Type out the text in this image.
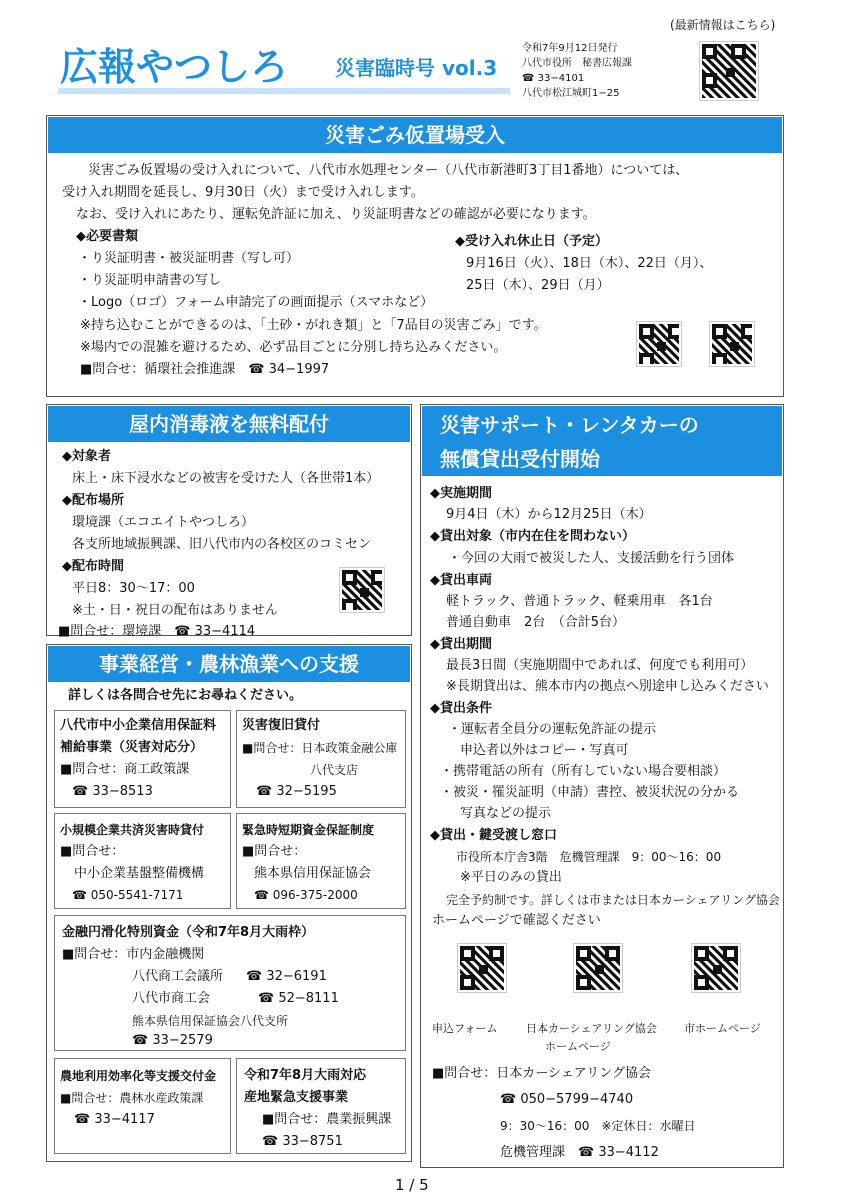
(最新情報はこちら)
広報やつしろ 災害臨時号 vol.3
令和7年9月12日発行
八代市役所　秘書広報課
☎ 33−4101
八代市松江城町1−25
災害ごみ仮置場受入
災害ごみ仮置場の受け入れについて、八代市水処理センター（八代市新港町3丁目1番地）については、
受け入れ期間を延長し、9月30日（火）まで受け入れします。
なお、受け入れにあたり、運転免許証に加え、り災証明書などの確認が必要になります。
◆必要書類
・り災証明書・被災証明書（写し可）
・り災証明申請書の写し
・Logo（ロゴ）フォーム申請完了の画面提示（スマホなど）
◆受け入れ休止日（予定）
9月16日（火）、18日（木）、22日（月）、
25日（木）、29日（月）
※持ち込むことができるのは、「土砂・がれき類」と「7品目の災害ごみ」です。
※場内での混雑を避けるため、必ず品目ごとに分別し持ち込みください。
■問合せ：循環社会推進課　☎ 34−1997
屋内消毒液を無料配付
◆対象者
床上・床下浸水などの被害を受けた人（各世帯1本）
◆配布場所
環境課（エコエイトやつしろ）
各支所地域振興課、旧八代市内の各校区のコミセン
◆配布時間
平日8：30〜17：00
※土・日・祝日の配布はありません
■問合せ：環境課　☎ 33−4114
事業経営・農林漁業への支援
詳しくは各問合せ先にお尋ねください。
八代市中小企業信用保証料
補給事業（災害対応分）
■問合せ：商工政策課
☎ 33−8513
災害復旧貸付
■問合せ：日本政策金融公庫
八代支店
☎ 32−5195
小規模企業共済災害時貸付
■問合せ：
中小企業基盤整備機構
☎ 050-5541-7171
緊急時短期資金保証制度
■問合せ：
熊本県信用保証協会
☎ 096-375-2000
金融円滑化特別資金（令和7年8月大雨枠）
■問合せ：市内金融機関
八代商工会議所 ☎ 32−6191
八代市商工会	☎ 52−8111
熊本県信用保証協会八代支所
☎ 33−2579
農地利用効率化等支援交付金
■問合せ：農林水産政策課
☎ 33−4117
令和7年8月大雨対応
産地緊急支援事業
■問合せ：農業振興課
☎ 33−8751
災害サポート・レンタカーの
無償貸出受付開始
◆実施期間
9月4日（木）から12月25日（木）
◆貸出対象（市内在住を問わない）
・今回の大雨で被災した人、支援活動を行う団体
◆貸出車両
軽トラック、普通トラック、軽乗用車　各1台
普通自動車　2台　（合計5台）
◆貸出期間
最長3日間（実施期間中であれば、何度でも利用可）
※長期貸出は、熊本市内の拠点へ別途申し込みください
◆貸出条件
・運転者全員分の運転免許証の提示
申込者以外はコピー・写真可
・携帯電話の所有（所有していない場合要相談）
・被災・罹災証明（申請）書控、被災状況の分かる
写真などの提示
◆貸出・鍵受渡し窓口
市役所本庁舎3階　危機管理課　9：00〜16：00
※平日のみの貸出
完全予約制です。詳しくは市または日本カーシェアリング協会
ホームページで確認ください
申込フォーム	日本カーシェアリング協会
ホームページ
市ホームページ
■問合せ：日本カーシェアリング協会
☎ 050−5799−4740
9：30〜16：00　※定休日：水曜日
危機管理課　☎ 33−4112
1 / 5
